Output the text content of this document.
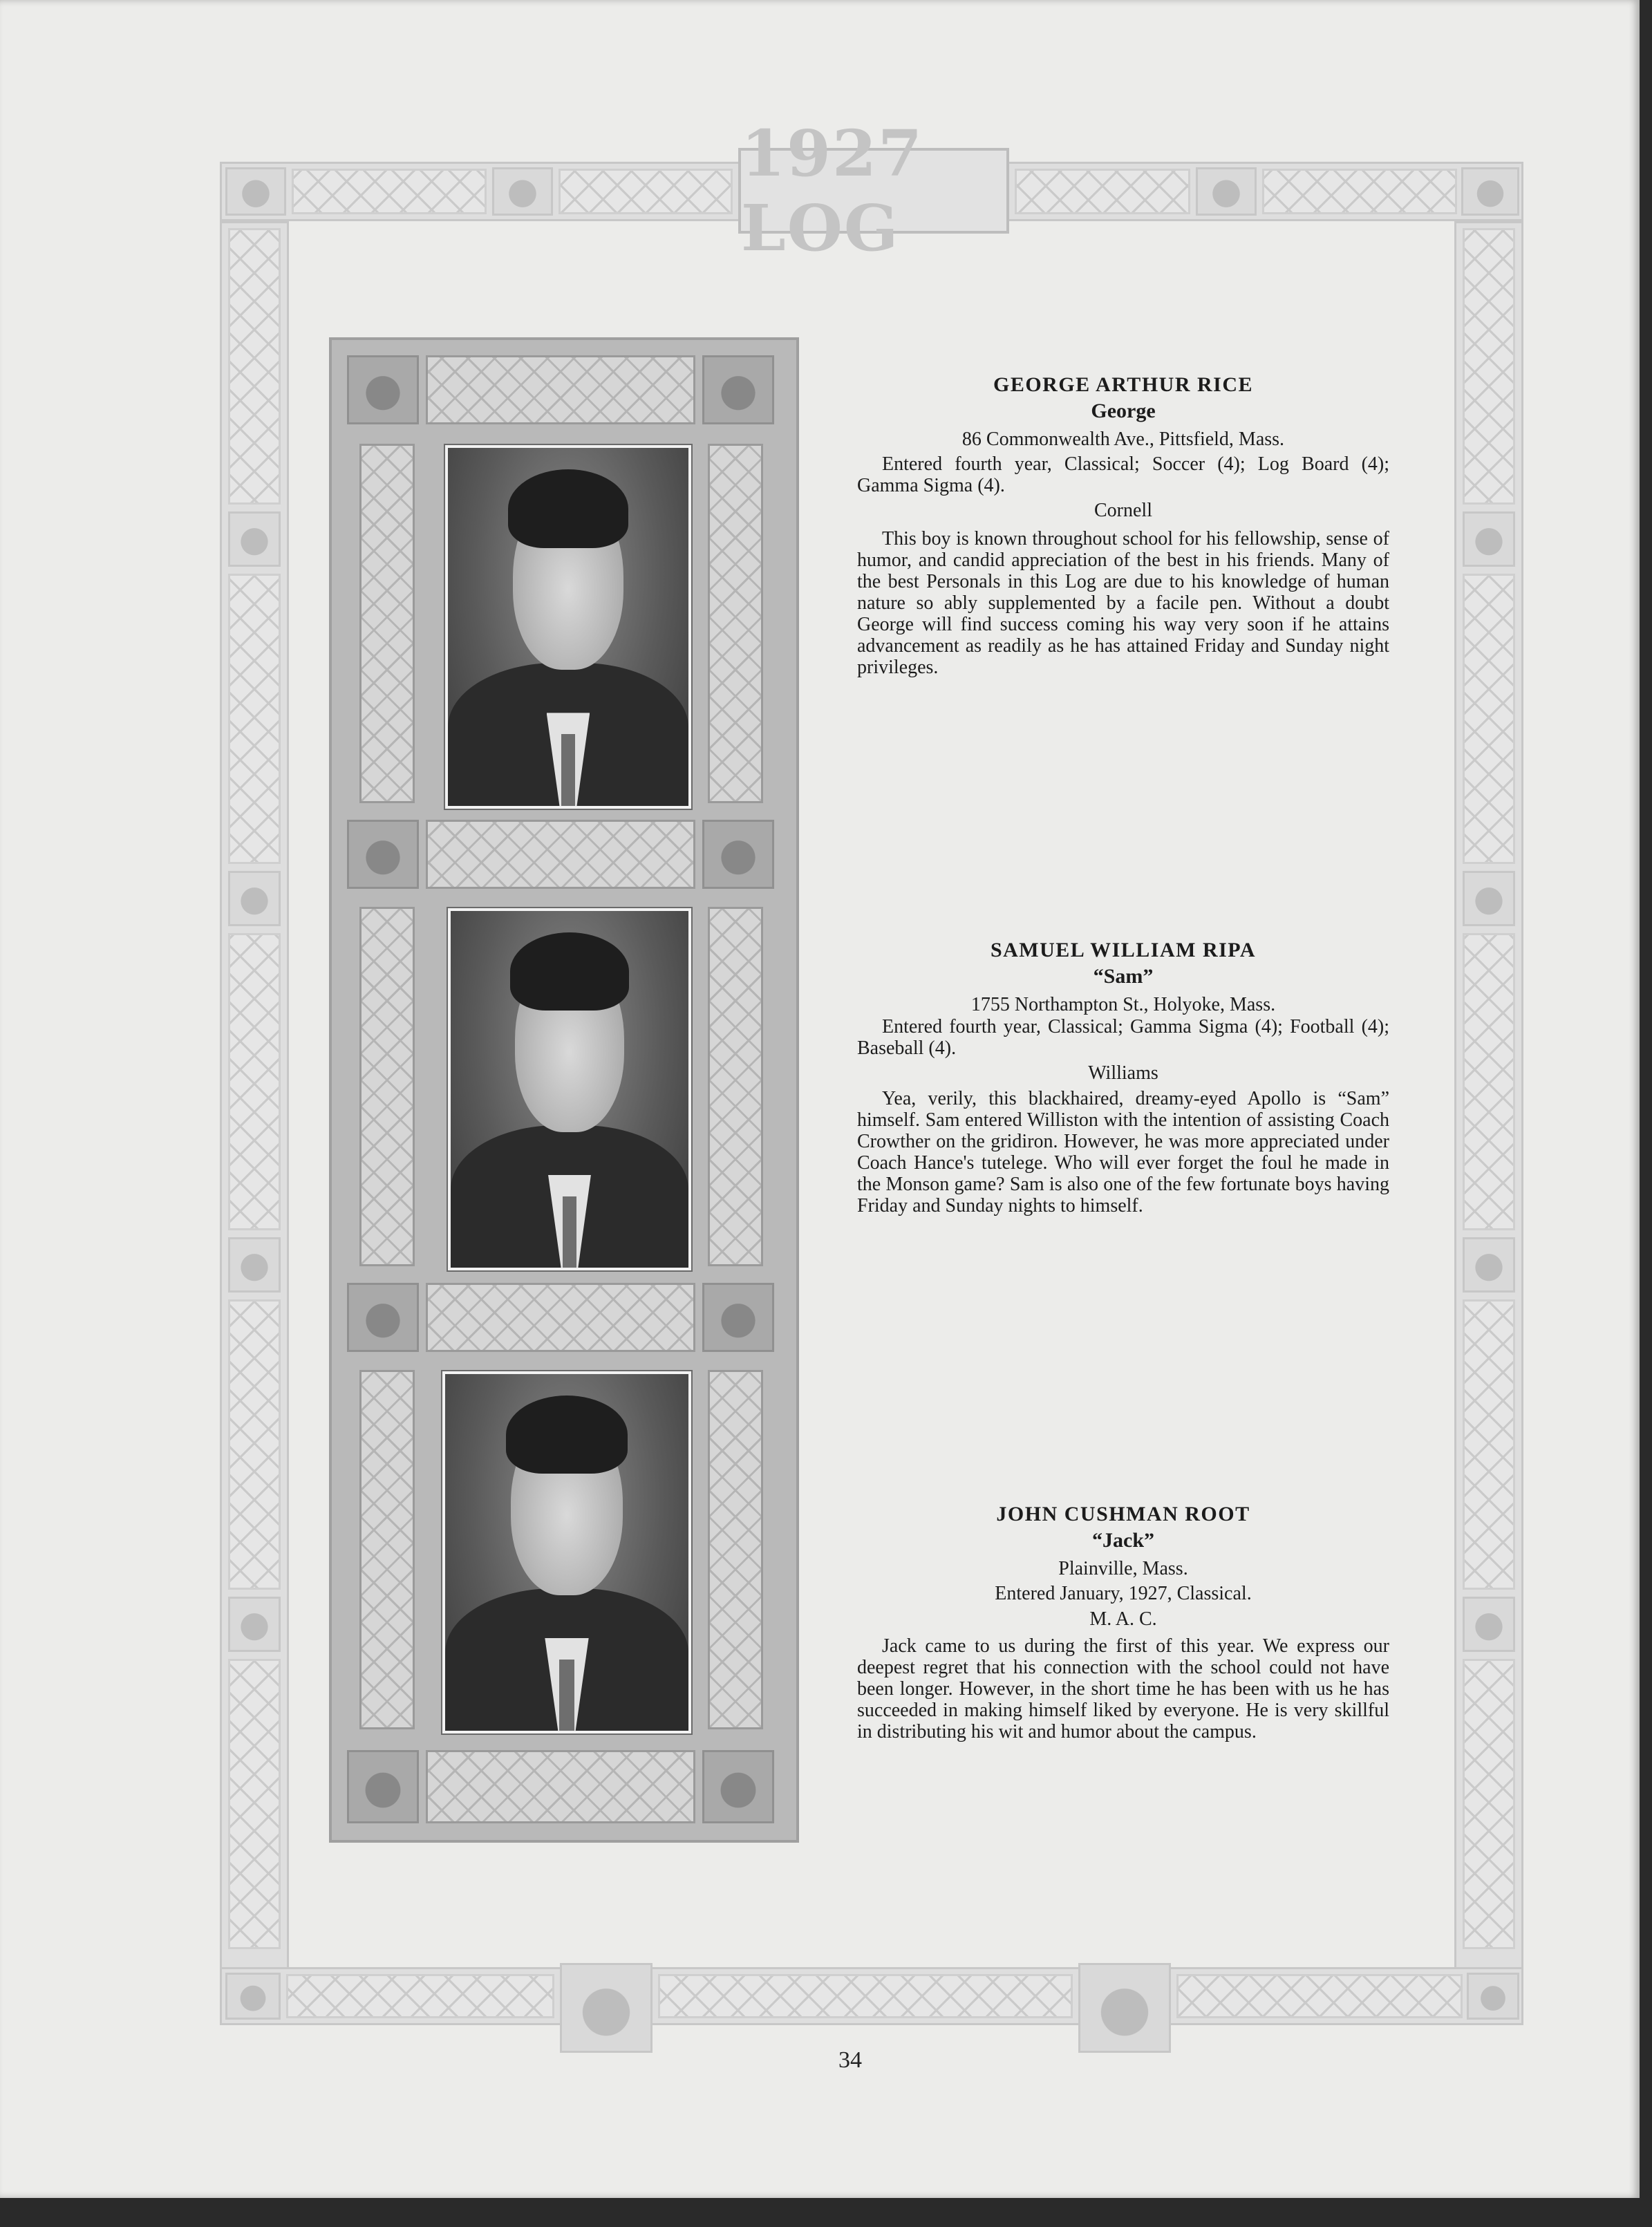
1927 LOG

GEORGE ARTHUR RICE

George

86 Commonwealth Ave., Pittsfield, Mass.

Entered fourth year, Classical; Soccer (4); Log Board (4); Gamma Sigma (4).

Cornell

This boy is known throughout school for his fellowship, sense of humor, and candid appreciation of the best in his friends. Many of the best Personals in this Log are due to his knowledge of human nature so ably supplemented by a facile pen. Without a doubt George will find success coming his way very soon if he attains advancement as readily as he has attained Friday and Sunday night privileges.

SAMUEL WILLIAM RIPA

“Sam”

1755 Northampton St., Holyoke, Mass.

Entered fourth year, Classical; Gamma Sigma (4); Football (4); Baseball (4).

Williams

Yea, verily, this blackhaired, dreamy-eyed Apollo is “Sam” himself. Sam entered Williston with the intention of assisting Coach Crowther on the gridiron. However, he was more appreciated under Coach Hance's tutelege. Who will ever forget the foul he made in the Monson game? Sam is also one of the few fortunate boys having Friday and Sunday nights to himself.

JOHN CUSHMAN ROOT

“Jack”

Plainville, Mass.

Entered January, 1927, Classical.

M. A. C.

Jack came to us during the first of this year. We express our deepest regret that his connection with the school could not have been longer. However, in the short time he has been with us he has succeeded in making himself liked by everyone. He is very skillful in distributing his wit and humor about the campus.

34
